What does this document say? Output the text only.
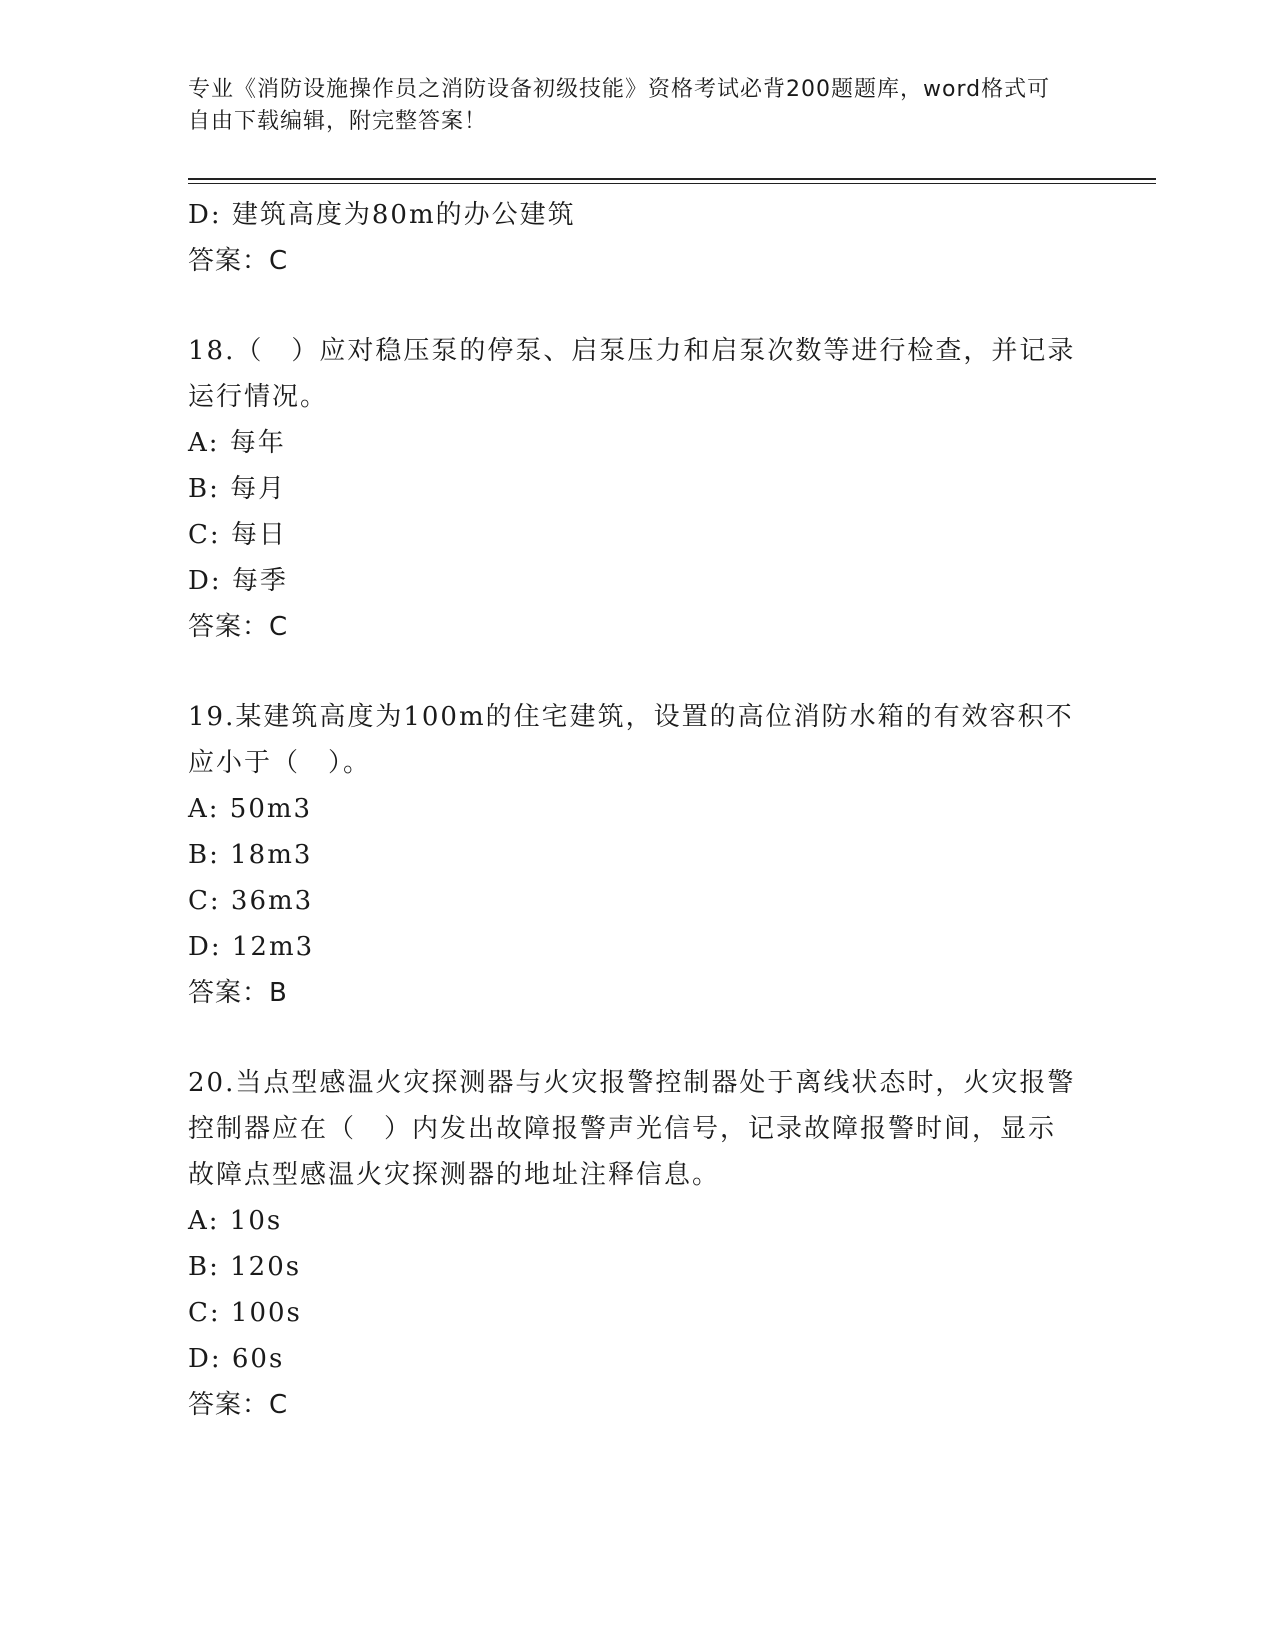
专业《消防设施操作员之消防设备初级技能》资格考试必背200题题库，word格式可自由下载编辑，附完整答案！
D: 建筑高度为80m的办公建筑
答案：C
18.（　）应对稳压泵的停泵、启泵压力和启泵次数等进行检查，并记录运行情况。
A: 每年
B: 每月
C: 每日
D: 每季
答案：C
19.某建筑高度为100m的住宅建筑，设置的高位消防水箱的有效容积不应小于（　）。
A: 50m3
B: 18m3
C: 36m3
D: 12m3
答案：B
20.当点型感温火灾探测器与火灾报警控制器处于离线状态时，火灾报警控制器应在（　）内发出故障报警声光信号，记录故障报警时间，显示故障点型感温火灾探测器的地址注释信息。
A: 10s
B: 120s
C: 100s
D: 60s
答案：C
